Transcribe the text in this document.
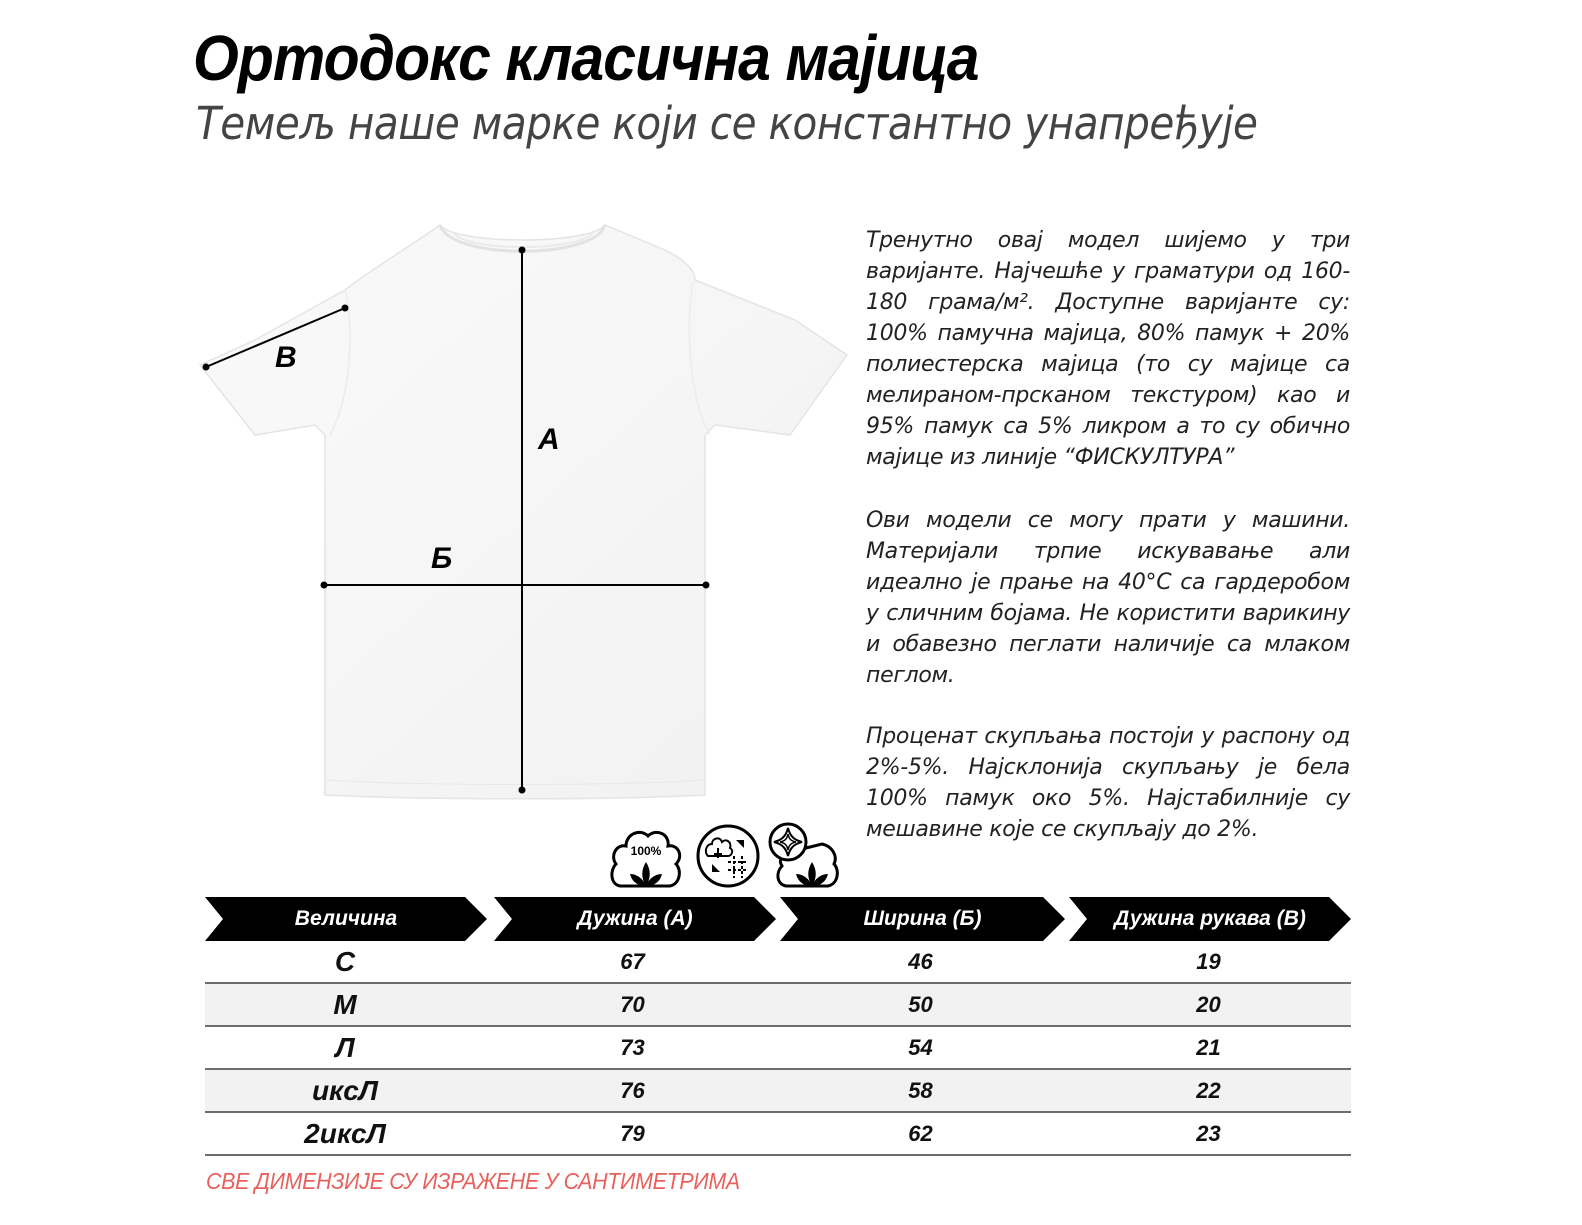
Ортодокс класична мајица
Темељ наше марке који се константно унапређује
А
Б
В

Тренутно овај модел шијемо у три варијанте. Најчешће у граматури од 160-180 грама/м². Доступне варијанте су: 100% памучна мајица, 80% памук + 20% полиестерска мајица (то су мајице са мелираном-прсканом текстуром) као и 95% памук са 5% ликром а то су обично мајице из линије “ФИСКУЛТУРА”

Ови модели се могу прати у машини. Материјали трпие искувавање али идеално је прање на 40°C са гардеробом у сличним бојама. Не користити варикину и обавезно пеглати наличије са млаком пеглом.

Проценат скупљања постоји у распону од 2%-5%. Најсклонија скупљању је бела 100% памук око 5%. Најстабилније су мешавине које се скупљају до 2%.

100%
Величина	Дужина (А)	Ширина (Б)	Дужина рукава (В)
С	67	46	19
М	70	50	20
Л	73	54	21
иксЛ	76	58	22
2иксЛ	79	62	23
СВЕ ДИМЕНЗИЈЕ СУ ИЗРАЖЕНЕ У САНТИМЕТРИМА
